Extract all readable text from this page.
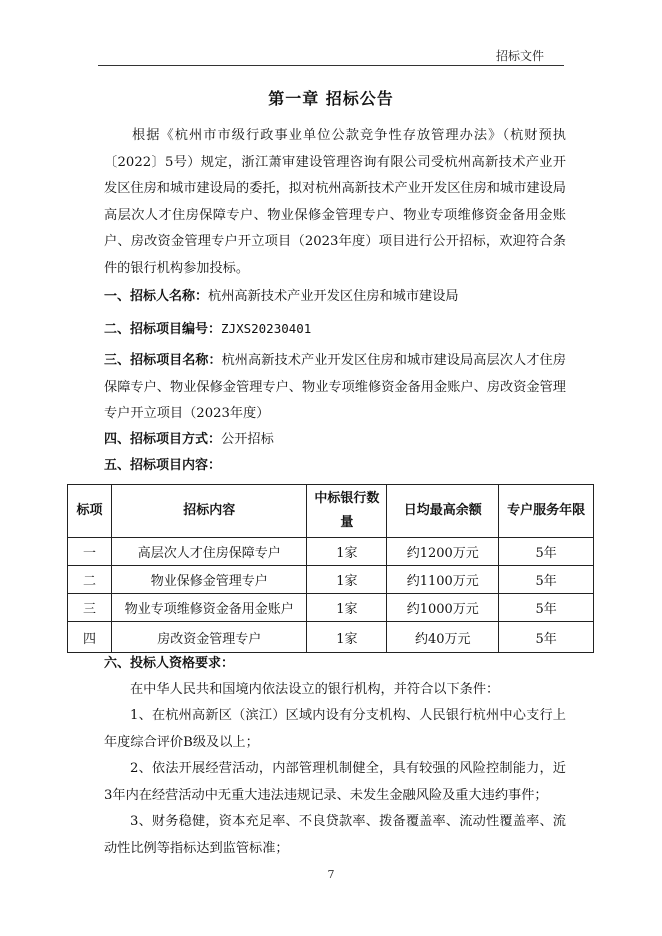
招标文件
第一章 招标公告
根据《杭州市市级行政事业单位公款竞争性存放管理办法》（杭财预执〔2022〕5号）规定，浙江萧审建设管理咨询有限公司受杭州高新技术产业开发区住房和城市建设局的委托，拟对杭州高新技术产业开发区住房和城市建设局高层次人才住房保障专户、物业保修金管理专户、物业专项维修资金备用金账户、房改资金管理专户开立项目（2023年度）项目进行公开招标，欢迎符合条件的银行机构参加投标。
一、招标人名称：杭州高新技术产业开发区住房和城市建设局
二、招标项目编号：ZJXS20230401
三、招标项目名称：杭州高新技术产业开发区住房和城市建设局高层次人才住房保障专户、物业保修金管理专户、物业专项维修资金备用金账户、房改资金管理专户开立项目（2023年度）
四、招标项目方式：公开招标
五、招标项目内容：
标项	招标内容	中标银行数量	日均最高余额	专户服务年限
一	高层次人才住房保障专户	1家	约1200万元	5年
二	物业保修金管理专户	1家	约1100万元	5年
三	物业专项维修资金备用金账户	1家	约1000万元	5年
四	房改资金管理专户	1家	约40万元	5年
六、投标人资格要求：
在中华人民共和国境内依法设立的银行机构，并符合以下条件：
1、在杭州高新区（滨江）区域内设有分支机构、人民银行杭州中心支行上年度综合评价B级及以上；
2、依法开展经营活动，内部管理机制健全，具有较强的风险控制能力，近3年内在经营活动中无重大违法违规记录、未发生金融风险及重大违约事件；
3、财务稳健，资本充足率、不良贷款率、拨备覆盖率、流动性覆盖率、流动性比例等指标达到监管标准；
7
